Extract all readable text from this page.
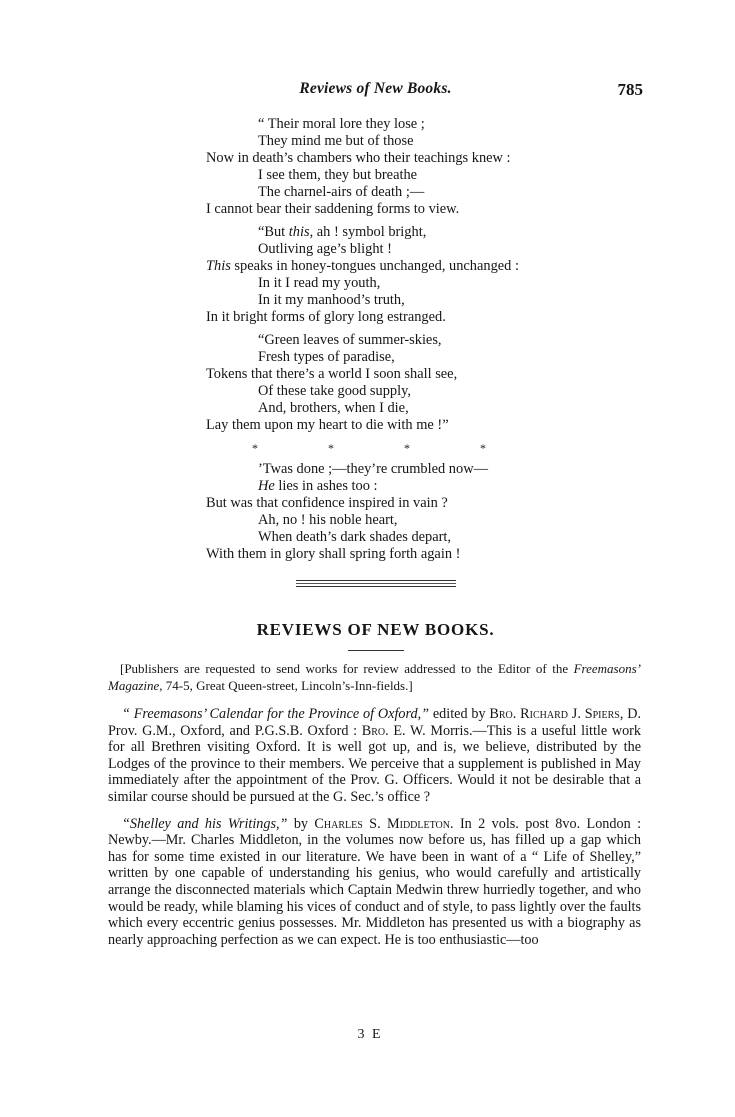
Reviews of New Books.	785
“ Their moral lore they lose ;
They mind me but of those
Now in death’s chambers who their teachings knew :
I see them, they but breathe
The charnel-airs of death ;—
I cannot bear their saddening forms to view.
“But this, ah ! symbol bright,
Outliving age’s blight !
This speaks in honey-tongues unchanged, unchanged :
In it I read my youth,
In it my manhood’s truth,
In it bright forms of glory long estranged.
“Green leaves of summer-skies,
Fresh types of paradise,
Tokens that there’s a world I soon shall see,
Of these take good supply,
And, brothers, when I die,
Lay them upon my heart to die with me !”
*	*	*	*
’Twas done ;—they’re crumbled now—
He lies in ashes too :
But was that confidence inspired in vain ?
Ah, no ! his noble heart,
When death’s dark shades depart,
With them in glory shall spring forth again !
REVIEWS OF NEW BOOKS.

[Publishers are requested to send works for review addressed to the Editor of the Freemasons’ Magazine, 74-5, Great Queen-street, Lincoln’s-Inn-fields.]

“ Freemasons’ Calendar for the Province of Oxford,” edited by Bro. Richard J. Spiers, D. Prov. G.M., Oxford, and P.G.S.B. Oxford : Bro. E. W. Morris.—This is a useful little work for all Brethren visiting Oxford. It is well got up, and is, we believe, distributed by the Lodges of the province to their members. We perceive that a supplement is published in May immediately after the appointment of the Prov. G. Officers. Would it not be desirable that a similar course should be pursued at the G. Sec.’s office ?

“Shelley and his Writings,” by Charles S. Middleton. In 2 vols. post 8vo. London : Newby.—Mr. Charles Middleton, in the volumes now before us, has filled up a gap which has for some time existed in our literature. We have been in want of a “ Life of Shelley,” written by one capable of understanding his genius, who would carefully and artistically arrange the disconnected materials which Captain Medwin threw hurriedly together, and who would be ready, while blaming his vices of conduct and of style, to pass lightly over the faults which every eccentric genius possesses. Mr. Middleton has presented us with a biography as nearly approaching perfection as we can expect. He is too enthusiastic—too

3 E
